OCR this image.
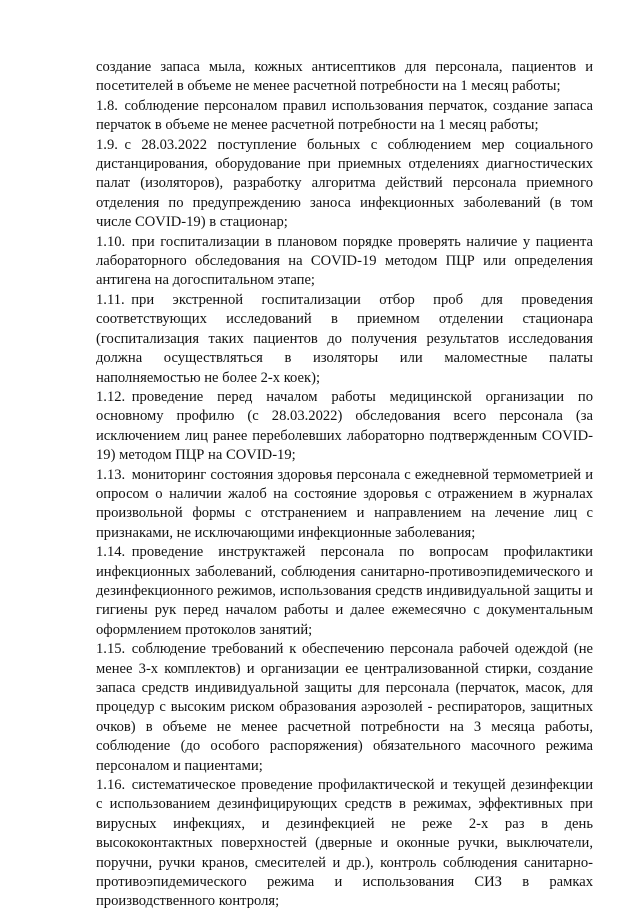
создание запаса мыла, кожных антисептиков для персонала, пациентов и посетителей в объеме не менее расчетной потребности на 1 месяц работы;

1.8. соблюдение персоналом правил использования перчаток, создание запаса перчаток в объеме не менее расчетной потребности на 1 месяц работы;

1.9. с 28.03.2022 поступление больных с соблюдением мер социального дистанцирования, оборудование при приемных отделениях диагностических палат (изоляторов), разработку алгоритма действий персонала приемного отделения по предупреждению заноса инфекционных заболеваний (в том числе COVID-19) в стационар;

1.10. при госпитализации в плановом порядке проверять наличие у пациента лабораторного обследования на COVID-19 методом ПЦР или определения антигена на догоспитальном этапе;

1.11. при экстренной госпитализации отбор проб для проведения соответствующих исследований в приемном отделении стационара (госпитализация таких пациентов до получения результатов исследования должна осуществляться в изоляторы или маломестные палаты наполняемостью не более 2-х коек);

1.12. проведение перед началом работы медицинской организации по основному профилю (с 28.03.2022) обследования всего персонала (за исключением лиц ранее переболевших лабораторно подтвержденным COVID-19) методом ПЦР на COVID-19;

1.13. мониторинг состояния здоровья персонала с ежедневной термометрией и опросом о наличии жалоб на состояние здоровья с отражением в журналах произвольной формы с отстранением и направлением на лечение лиц с признаками, не исключающими инфекционные заболевания;

1.14. проведение инструктажей персонала по вопросам профилактики инфекционных заболеваний, соблюдения санитарно-противоэпидемического и дезинфекционного режимов, использования средств индивидуальной защиты и гигиены рук перед началом работы и далее ежемесячно с документальным оформлением протоколов занятий;

1.15. соблюдение требований к обеспечению персонала рабочей одеждой (не менее 3-х комплектов) и организации ее централизованной стирки, создание запаса средств индивидуальной защиты для персонала (перчаток, масок, для процедур с высоким риском образования аэрозолей - респираторов, защитных очков) в объеме не менее расчетной потребности на 3 месяца работы, соблюдение (до особого распоряжения) обязательного масочного режима персоналом и пациентами;

1.16. систематическое проведение профилактической и текущей дезинфекции с использованием дезинфицирующих средств в режимах, эффективных при вирусных инфекциях, и дезинфекцией не реже 2-х раз в день высококонтактных поверхностей (дверные и оконные ручки, выключатели, поручни, ручки кранов, смесителей и др.), контроль соблюдения санитарно-противоэпидемического режима и использования СИЗ в рамках производственного контроля;
